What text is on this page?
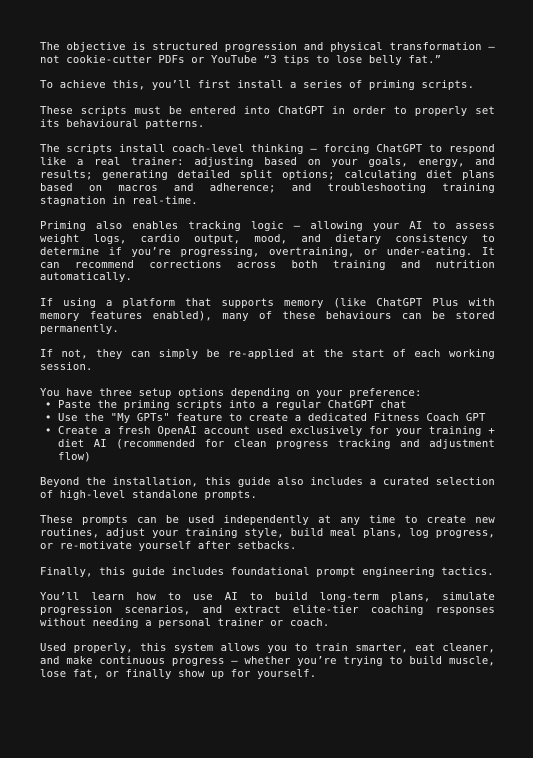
The objective is structured progression and physical transformation — not cookie-cutter PDFs or YouTube “3 tips to lose belly fat.”

To achieve this, you’ll first install a series of priming scripts.

These scripts must be entered into ChatGPT in order to properly set its behavioural patterns.

The scripts install coach-level thinking — forcing ChatGPT to respond like a real trainer: adjusting based on your goals, energy, and results; generating detailed split options; calculating diet plans based on macros and adherence; and troubleshooting training stagnation in real-time.

Priming also enables tracking logic — allowing your AI to assess weight logs, cardio output, mood, and dietary consistency to determine if you’re progressing, overtraining, or under-eating. It can recommend corrections across both training and nutrition automatically.

If using a platform that supports memory (like ChatGPT Plus with memory features enabled), many of these behaviours can be stored permanently.

If not, they can simply be re-applied at the start of each working session.

You have three setup options depending on your preference:

• Paste the priming scripts into a regular ChatGPT chat
• Use the "My GPTs" feature to create a dedicated Fitness Coach GPT
• Create a fresh OpenAI account used exclusively for your training + diet AI (recommended for clean progress tracking and adjustment flow)

Beyond the installation, this guide also includes a curated selection of high-level standalone prompts.

These prompts can be used independently at any time to create new routines, adjust your training style, build meal plans, log progress, or re-motivate yourself after setbacks.

Finally, this guide includes foundational prompt engineering tactics.

You’ll learn how to use AI to build long-term plans, simulate progression scenarios, and extract elite-tier coaching responses without needing a personal trainer or coach.

Used properly, this system allows you to train smarter, eat cleaner, and make continuous progress — whether you’re trying to build muscle, lose fat, or finally show up for yourself.
